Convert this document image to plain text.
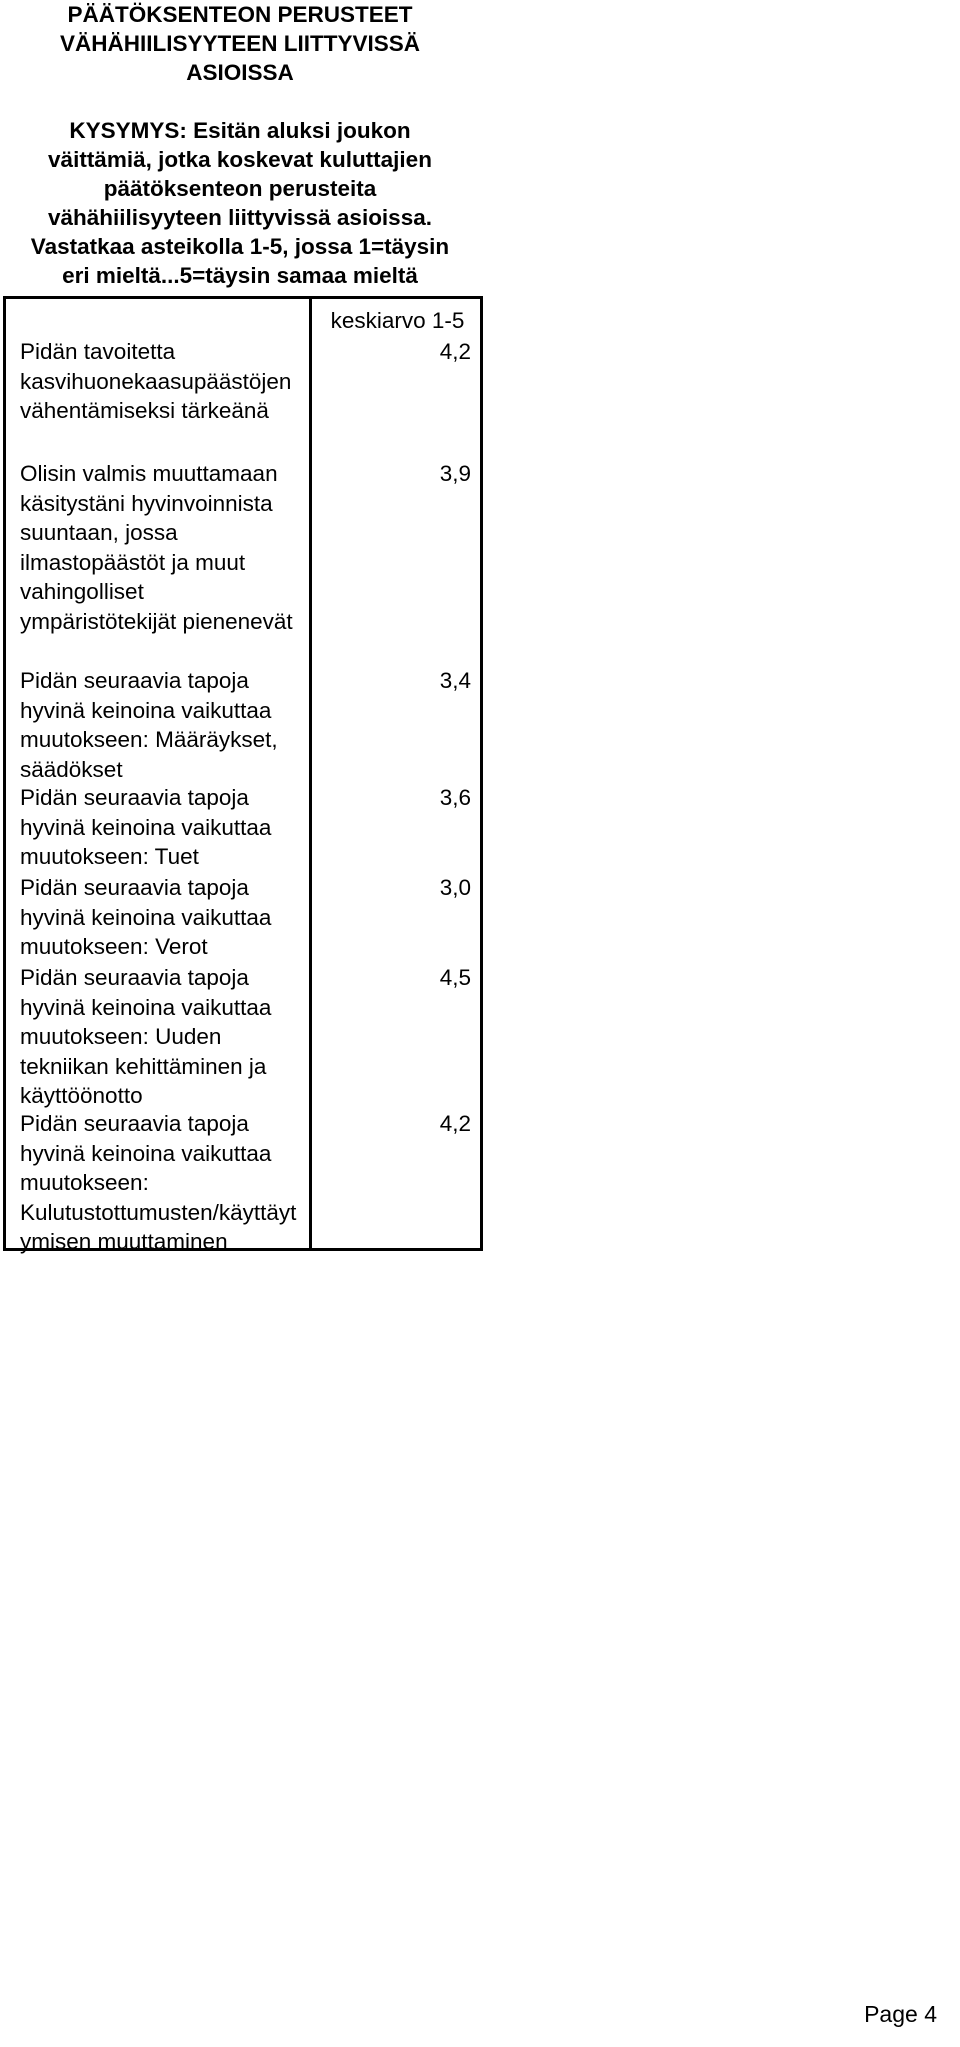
PÄÄTÖKSENTEON PERUSTEET
VÄHÄHIILISYYTEEN LIITTYVISSÄ
ASIOISSA
KYSYMYS: Esitän aluksi joukon
väittämiä, jotka koskevat kuluttajien
päätöksenteon perusteita
vähähiilisyyteen liittyvissä asioissa.
Vastatkaa asteikolla 1-5, jossa 1=täysin
eri mieltä...5=täysin samaa mieltä
keskiarvo 1-5
Pidän tavoitetta
kasvihuonekaasupäästöjen
vähentämiseksi tärkeänä
4,2
Olisin valmis muuttamaan
käsitystäni hyvinvoinnista
suuntaan, jossa
ilmastopäästöt ja muut
vahingolliset
ympäristötekijät pienenevät
3,9
Pidän seuraavia tapoja
hyvinä keinoina vaikuttaa
muutokseen: Määräykset,
säädökset
3,4
Pidän seuraavia tapoja
hyvinä keinoina vaikuttaa
muutokseen: Tuet
3,6
Pidän seuraavia tapoja
hyvinä keinoina vaikuttaa
muutokseen: Verot
3,0
Pidän seuraavia tapoja
hyvinä keinoina vaikuttaa
muutokseen: Uuden
tekniikan kehittäminen ja
käyttöönotto
4,5
Pidän seuraavia tapoja
hyvinä keinoina vaikuttaa
muutokseen:
Kulutustottumusten/käyttäyt
ymisen muuttaminen
4,2
Page 4
